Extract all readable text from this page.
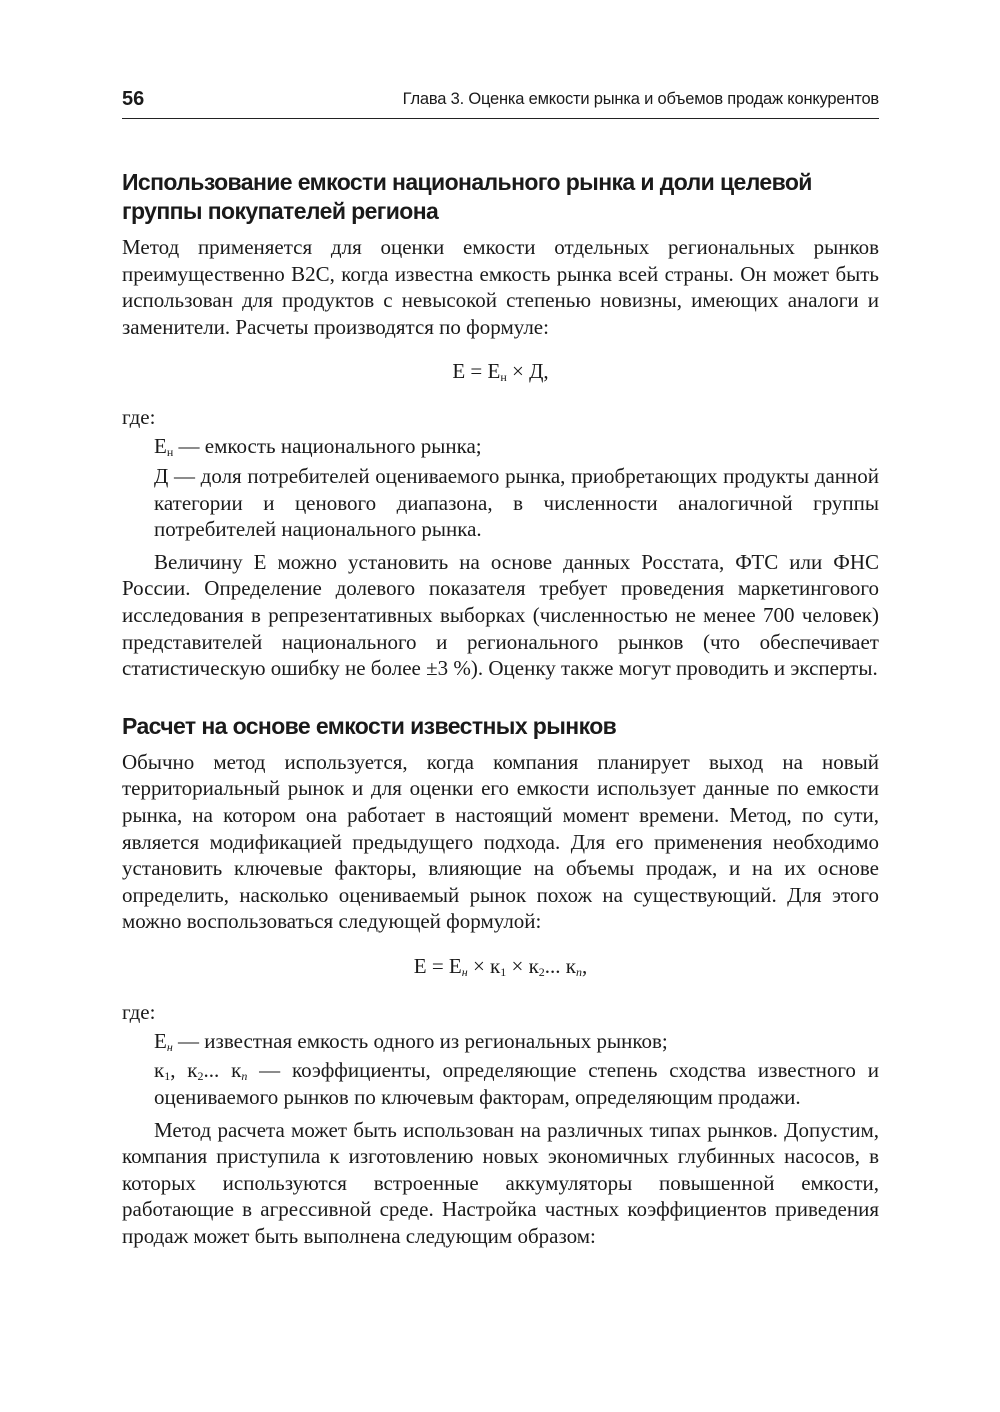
56	Глава 3. Оценка емкости рынка и объемов продаж конкурентов
Использование емкости национального рынка и доли целевой группы покупателей региона

Метод применяется для оценки емкости отдельных региональных рынков преимущественно B2C, когда известна емкость рынка всей страны. Он может быть использован для продуктов с невысокой степенью новизны, имеющих аналоги и заменители. Расчеты производятся по формуле:

$E = E_н \times Д$,
где:

$Е_н$ — емкость национального рынка;

Д — доля потребителей оцениваемого рынка, приобретающих продукты данной категории и ценового диапазона, в численности аналогичной группы потребителей национального рынка.

Величину Е можно установить на основе данных Росстата, ФТС или ФНС России. Определение долевого показателя требует проведения маркетингового исследования в репрезентативных выборках (численностью не менее 700 человек) представителей национального и регионального рынков (что обеспечивает статистическую ошибку не более ±3 %). Оценку также могут проводить и эксперты.

Расчет на основе емкости известных рынков

Обычно метод используется, когда компания планирует выход на новый территориальный рынок и для оценки его емкости использует данные по емкости рынка, на котором она работает в настоящий момент времени. Метод, по сути, является модификацией предыдущего подхода. Для его применения необходимо установить ключевые факторы, влияющие на объемы продаж, и на их основе определить, насколько оцениваемый рынок похож на существующий. Для этого можно воспользоваться следующей формулой:

$E = E_н \times к_1 \times к_2$... $к_n$,
где:

$Е_н$ — известная емкость одного из региональных рынков;

$к_1$, $к_2$... $к_n$ — коэффициенты, определяющие степень сходства известного и оцениваемого рынков по ключевым факторам, определяющим продажи.

Метод расчета может быть использован на различных типах рынков. Допустим, компания приступила к изготовлению новых экономичных глубинных насосов, в которых используются встроенные аккумуляторы повышенной емкости, работающие в агрессивной среде. Настройка частных коэффициентов приведения продаж может быть выполнена следующим образом:
